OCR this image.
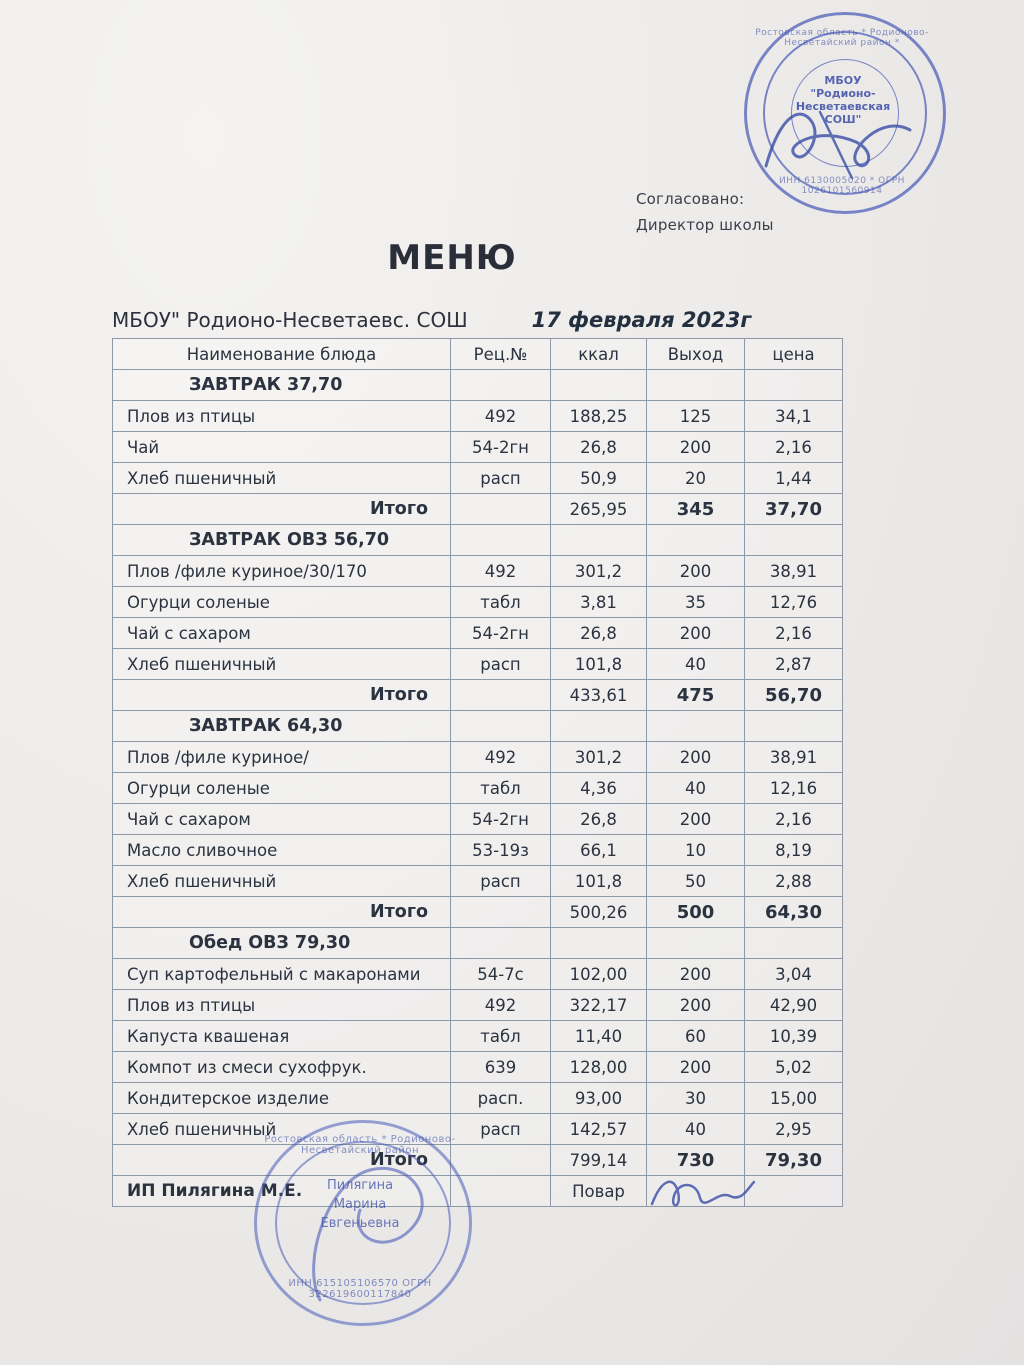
МБОУ
"Родионо-
Несветаевская
СОШ"
Ростовская область * Родионово-Несветайский район *
ИНН 6130005020 * ОГРН 1026101560914
Согласовано:
Директор школы
МЕНЮ
МБОУ" Родионо-Несветаевс. СОШ	17 февраля 2023г
Наименование блюда	Рец.№	ккал	Выход	цена
ЗАВТРАК 37,70				
Плов из птицы	492	188,25	125	34,1
Чай	54-2гн	26,8	200	2,16
Хлеб пшеничный	расп	50,9	20	1,44
Итого		265,95	345	37,70
ЗАВТРАК ОВЗ 56,70				
Плов /филе куриное/30/170	492	301,2	200	38,91
Огурци соленые	табл	3,81	35	12,76
Чай с сахаром	54-2гн	26,8	200	2,16
Хлеб пшеничный	расп	101,8	40	2,87
Итого		433,61	475	56,70
ЗАВТРАК 64,30				
Плов /филе куриное/	492	301,2	200	38,91
Огурци соленые	табл	4,36	40	12,16
Чай с сахаром	54-2гн	26,8	200	2,16
Масло сливочное	53-19з	66,1	10	8,19
Хлеб пшеничный	расп	101,8	50	2,88
Итого		500,26	500	64,30
Обед ОВЗ 79,30				
Суп картофельный с макаронами	54-7с	102,00	200	3,04
Плов из птицы	492	322,17	200	42,90
Капуста квашеная	табл	11,40	60	10,39
Компот из смеси сухофрук.	639	128,00	200	5,02
Кондитерское изделие	расп.	93,00	30	15,00
Хлеб пшеничный	расп	142,57	40	2,95
Итого		799,14	730	79,30
ИП Пилягина М.Е.		Повар		
Пилягина
Марина
Евгеньевна
Ростовская область * Родионово-Несветайский район
ИНН 615105106570 ОГРН 322619600117840
